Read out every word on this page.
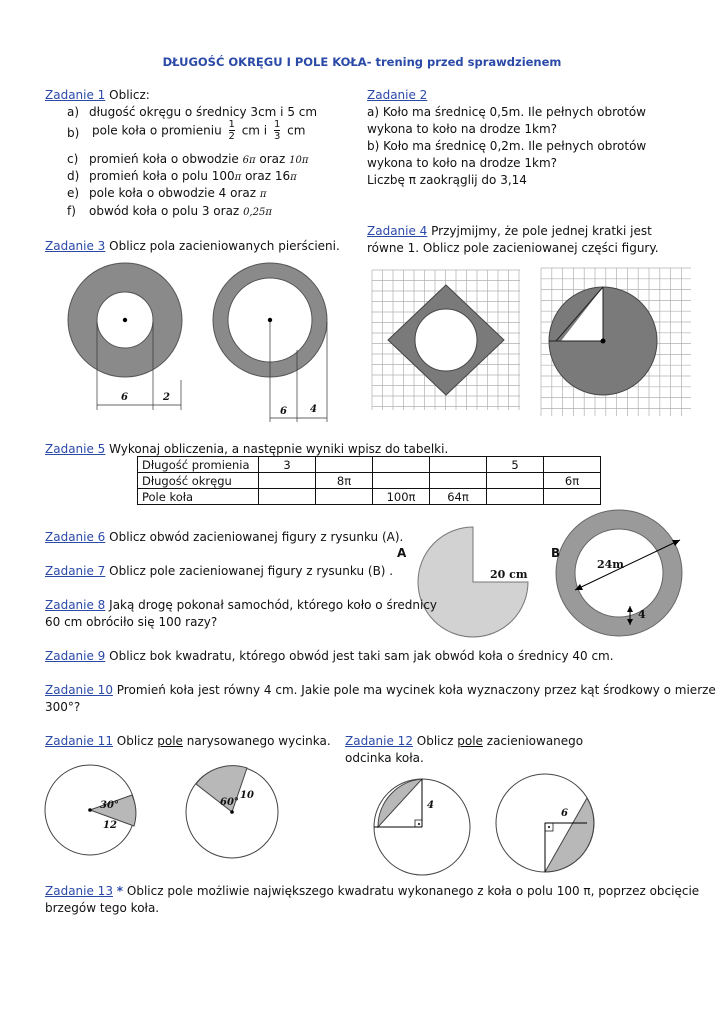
DŁUGOŚĆ OKRĘGU I POLE KOŁA- trening przed sprawdzienem
Zadanie 1 Oblicz:
a) długość okręgu o średnicy 3cm i 5 cm
b) pole koła o promieniu $\frac{1}{2}$ cm i $\frac{1}{3}$ cm
c) promień koła o obwodzie 6π oraz 10π
d) promień koła o polu 100π oraz 16π
e) pole koła o obwodzie 4 oraz π
f) obwód koła o polu 3 oraz 0,25π
Zadanie 2
a) Koło ma średnicę 0,5m. Ile pełnych obrotów
wykona to koło na drodze 1km?
b) Koło ma średnicę 0,2m. Ile pełnych obrotów
wykona to koło na drodze 1km?
Liczbę π zaokrąglij do 3,14
Zadanie 3 Oblicz pola zacieniowanych pierścieni.
6	2
6 4
Zadanie 4 Przyjmijmy, że pole jednej kratki jest
równe 1. Oblicz pole zacieniowanej części figury.
Zadanie 5 Wykonaj obliczenia, a następnie wyniki wpisz do tabelki.
Długość promienia	3				5	
Długość okręgu		8π				6π
Pole koła			100π	64π		
Zadanie 6 Oblicz obwód zacieniowanej figury z rysunku (A).
Zadanie 7 Oblicz pole zacieniowanej figury z rysunku (B) .
A
20 cm
B
24m
4
Zadanie 8 Jaką drogę pokonał samochód, którego koło o średnicy
60 cm obróciło się 100 razy?
Zadanie 9 Oblicz bok kwadratu, którego obwód jest taki sam jak obwód koła o średnicy 40 cm.
Zadanie 10 Promień koła jest równy 4 cm. Jakie pole ma wycinek koła wyznaczony przez kąt środkowy o mierze
300°?
Zadanie 11 Oblicz pole narysowanego wycinka. Zadanie 12 Oblicz pole zacieniowanego
odcinka koła.
30°
12
60°
10
4
6
Zadanie 13 * Oblicz pole możliwie największego kwadratu wykonanego z koła o polu 100 π, poprzez obcięcie
brzegów tego koła.
